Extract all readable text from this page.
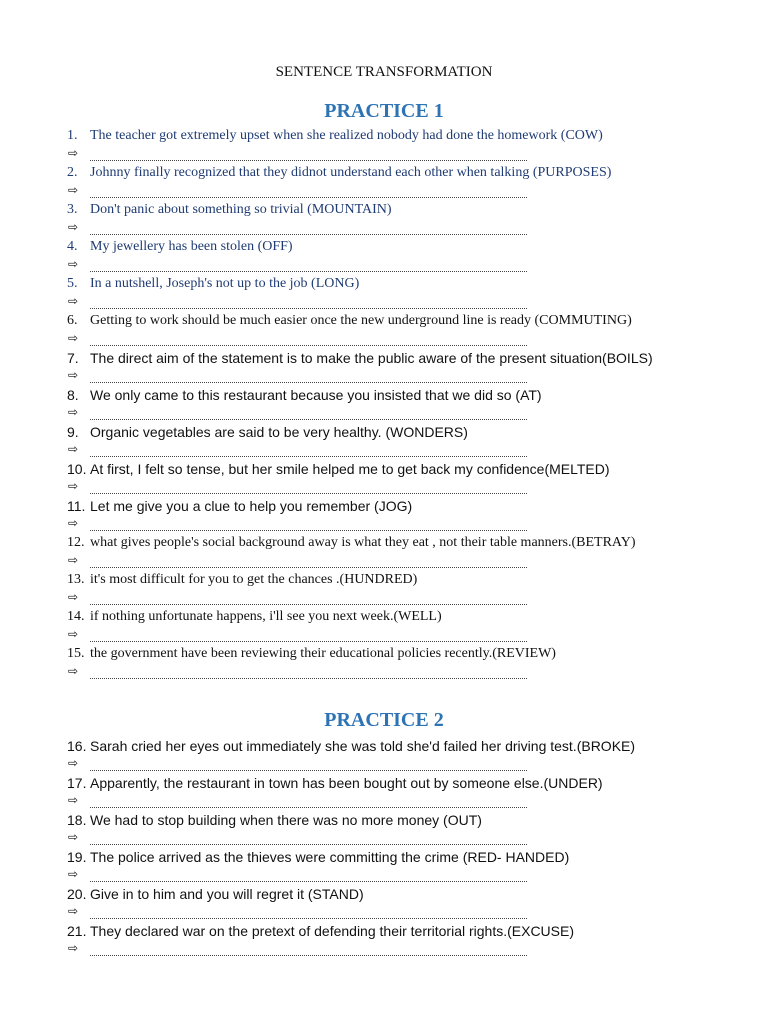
SENTENCE TRANSFORMATION
PRACTICE 1
1. The teacher got extremely upset when she realized nobody had done the homework (COW)
⇨
2. Johnny finally recognized that they didnot understand each other when talking (PURPOSES)
⇨
3. Don't panic about something so trivial (MOUNTAIN)
⇨
4. My jewellery has been stolen (OFF)
⇨
5. In a nutshell, Joseph's not up to the job (LONG)
⇨
6. Getting to work should be much easier once the new underground line is ready (COMMUTING)
⇨
7. The direct aim of the statement is to make the public aware of the present situation(BOILS)
⇨
8. We only came to this restaurant because you insisted that we did so (AT)
⇨
9. Organic vegetables are said to be very healthy. (WONDERS)
⇨
10. At first, I felt so tense, but her smile helped me to get back my confidence(MELTED)
⇨
11. Let me give you a clue to help you remember (JOG)
⇨
12. what gives people's social background away is what they eat , not their table manners.(BETRAY)
⇨
13. it's most difficult for you to get the chances .(HUNDRED)
⇨
14. if nothing unfortunate happens, i'll see you next week.(WELL)
⇨
15. the government have been reviewing their educational policies recently.(REVIEW)
⇨
PRACTICE 2
16. Sarah cried her eyes out immediately she was told she'd failed her driving test.(BROKE)
⇨
17. Apparently, the restaurant in town has been bought out by someone else.(UNDER)
⇨
18. We had to stop building when there was no more money (OUT)
⇨
19. The police arrived as the thieves were committing the crime (RED- HANDED)
⇨
20. Give in to him and you will regret it (STAND)
⇨
21. They declared war on the pretext of defending their territorial rights.(EXCUSE)
⇨
